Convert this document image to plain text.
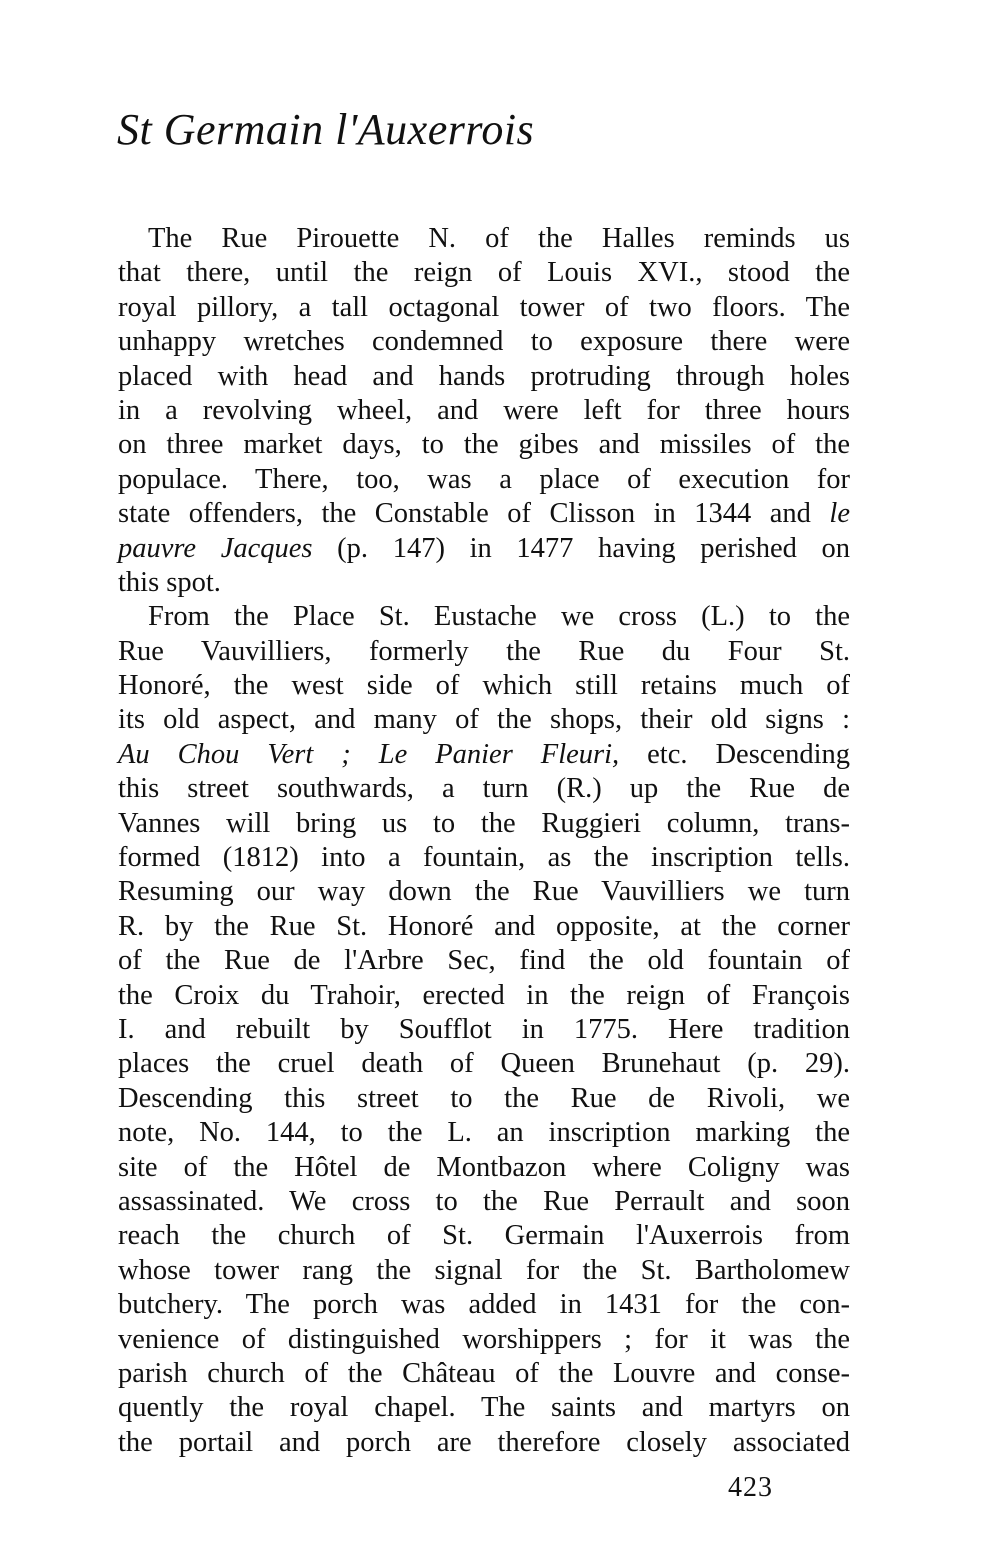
St Germain l'Auxerrois
The Rue Pirouette N. of the Halles reminds us
that there, until the reign of Louis XVI., stood the
royal pillory, a tall octagonal tower of two floors. The
unhappy wretches condemned to exposure there were
placed with head and hands protruding through holes
in a revolving wheel, and were left for three hours
on three market days, to the gibes and missiles of the
populace. There, too, was a place of execution for
state offenders, the Constable of Clisson in 1344 and le
pauvre Jacques (p. 147) in 1477 having perished on
this spot.
From the Place St. Eustache we cross (L.) to the
Rue Vauvilliers, formerly the Rue du Four St.
Honoré, the west side of which still retains much of
its old aspect, and many of the shops, their old signs :
Au Chou Vert ; Le Panier Fleuri, etc. Descending
this street southwards, a turn (R.) up the Rue de
Vannes will bring us to the Ruggieri column, trans-
formed (1812) into a fountain, as the inscription tells.
Resuming our way down the Rue Vauvilliers we turn
R. by the Rue St. Honoré and opposite, at the corner
of the Rue de l'Arbre Sec, find the old fountain of
the Croix du Trahoir, erected in the reign of François
I. and rebuilt by Soufflot in 1775. Here tradition
places the cruel death of Queen Brunehaut (p. 29).
Descending this street to the Rue de Rivoli, we
note, No. 144, to the L. an inscription marking the
site of the Hôtel de Montbazon where Coligny was
assassinated. We cross to the Rue Perrault and soon
reach the church of St. Germain l'Auxerrois from
whose tower rang the signal for the St. Bartholomew
butchery. The porch was added in 1431 for the con-
venience of distinguished worshippers ; for it was the
parish church of the Château of the Louvre and conse-
quently the royal chapel. The saints and martyrs on
the portail and porch are therefore closely associated
423
